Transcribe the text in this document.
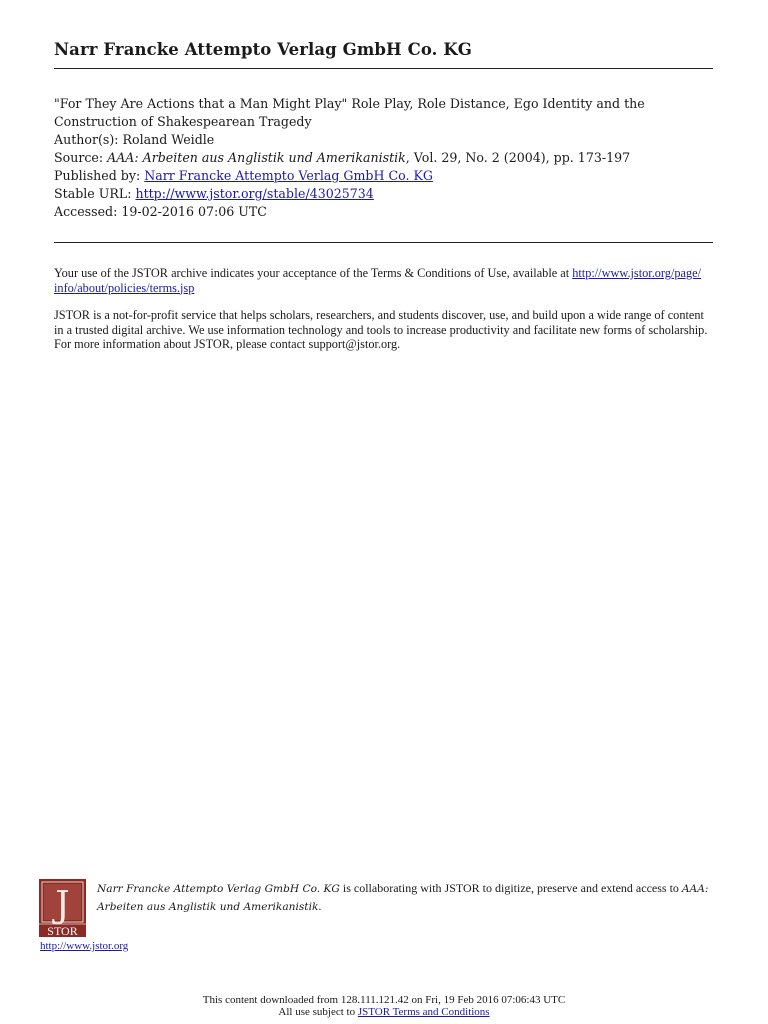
Narr Francke Attempto Verlag GmbH Co. KG
"For They Are Actions that a Man Might Play" Role Play, Role Distance, Ego Identity and the
Construction of Shakespearean Tragedy
Author(s): Roland Weidle
Source: AAA: Arbeiten aus Anglistik und Amerikanistik, Vol. 29, No. 2 (2004), pp. 173-197
Published by: Narr Francke Attempto Verlag GmbH Co. KG
Stable URL: http://www.jstor.org/stable/43025734
Accessed: 19-02-2016 07:06 UTC
Your use of the JSTOR archive indicates your acceptance of the Terms & Conditions of Use, available at http://www.jstor.org/page/
info/about/policies/terms.jsp
JSTOR is a not-for-profit service that helps scholars, researchers, and students discover, use, and build upon a wide range of content
in a trusted digital archive. We use information technology and tools to increase productivity and facilitate new forms of scholarship.
For more information about JSTOR, please contact support@jstor.org.
J
STOR
Narr Francke Attempto Verlag GmbH Co. KG is collaborating with JSTOR to digitize, preserve and extend access to AAA:
Arbeiten aus Anglistik und Amerikanistik.
http://www.jstor.org
This content downloaded from 128.111.121.42 on Fri, 19 Feb 2016 07:06:43 UTC
All use subject to JSTOR Terms and Conditions
